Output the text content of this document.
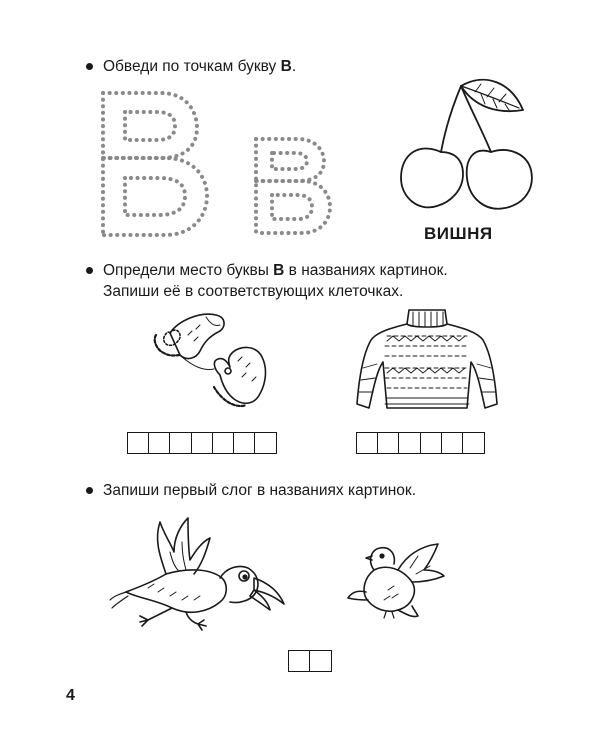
Обведи по точкам букву В.
ВИШНЯ
Определи место буквы В в названиях картинок.
Запиши её в соответствующих клеточках.
Запиши первый слог в названиях картинок.
4
